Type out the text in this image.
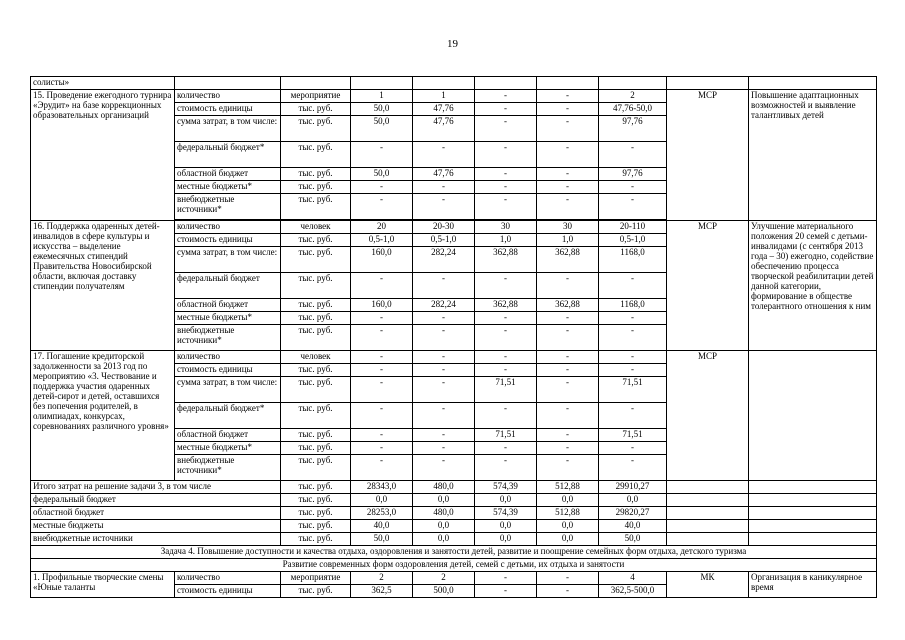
19
солисты»									
15. Проведение ежегодного турнира «Эрудит» на базе коррекционных образовательных организаций	количество	мероприятие	1	1	-	-	2	МСР	Повышение адаптационных возможностей и выявление талантливых детей
	стоимость единицы	тыс. руб.	50,0	47,76	-	-	47,76-50,0		
	сумма затрат, в том числе:	тыс. руб.	50,0	47,76	-	-	97,76		
	федеральный бюджет*	тыс. руб.	-	-	-	-	-		
	областной бюджет	тыс. руб.	50,0	47,76	-	-	97,76		
	местные бюджеты*	тыс. руб.	-	-	-	-	-		
	внебюджетные источники*	тыс. руб.	-	-	-	-	-		

16. Поддержка одаренных детей-инвалидов в сфере культуры и искусства – выделение ежемесячных стипендий Правительства Новосибирской области, включая доставку стипендии получателям	количество	человек	20	20-30	30	30	20-110	МСР	Улучшение материального положения 20 семей с детьми-инвалидами (с сентября 2013 года – 30) ежегодно, содействие обеспечению процесса творческой реабилитации детей данной категории, формирование в обществе толерантного отношения к ним
	стоимость единицы	тыс. руб.	0,5-1,0	0,5-1,0	1,0	1,0	0,5-1,0		
	сумма затрат, в том числе:	тыс. руб.	160,0	282,24	362,88	362,88	1168,0		
	федеральный бюджет	тыс. руб.	-	-	-	-	-		
	областной бюджет	тыс. руб.	160,0	282,24	362,88	362,88	1168,0		
	местные бюджеты*	тыс. руб.	-	-	-	-	-		
	внебюджетные источники*	тыс. руб.	-	-	-	-	-		
17. Погашение кредиторской задолженности за 2013 год по мероприятию «3. Чествование и поддержка участия одаренных детей-сирот и детей, оставшихся без попечения родителей, в олимпиадах, конкурсах, соревнованиях различного уровня»	количество	человек	-	-	-	-	-	МСР	
	стоимость единицы	тыс. руб.	-	-	-	-	-		
	сумма затрат, в том числе:	тыс. руб.	-	-	71,51	-	71,51		
	федеральный бюджет*	тыс. руб.	-	-	-	-	-		
	областной бюджет	тыс. руб.	-	-	71,51	-	71,51		
	местные бюджеты*	тыс. руб.	-	-	-	-	-		
	внебюджетные источники*	тыс. руб.	-	-	-	-	-		
Итого затрат на решение задачи 3, в том числе		тыс. руб.	28343,0	480,0	574,39	512,88	29910,27		
федеральный бюджет		тыс. руб.	0,0	0,0	0,0	0,0	0,0		
областной бюджет		тыс. руб.	28253,0	480,0	574,39	512,88	29820,27		
местные бюджеты		тыс. руб.	40,0	0,0	0,0	0,0	40,0		
внебюджетные источники		тыс. руб.	50,0	0,0	0,0	0,0	50,0		
Задача 4. Повышение доступности и качества отдыха, оздоровления и занятости детей, развитие и поощрение семейных форм отдыха, детского туризма									
Развитие современных форм оздоровления детей, семей с детьми, их отдыха и занятости									
1. Профильные творческие смены «Юные таланты	количество	мероприятие	2	2	-	-	4	МК	Организация в каникулярное время
	стоимость единицы	тыс. руб.	362,5	500,0	-	-	362,5-500,0		
